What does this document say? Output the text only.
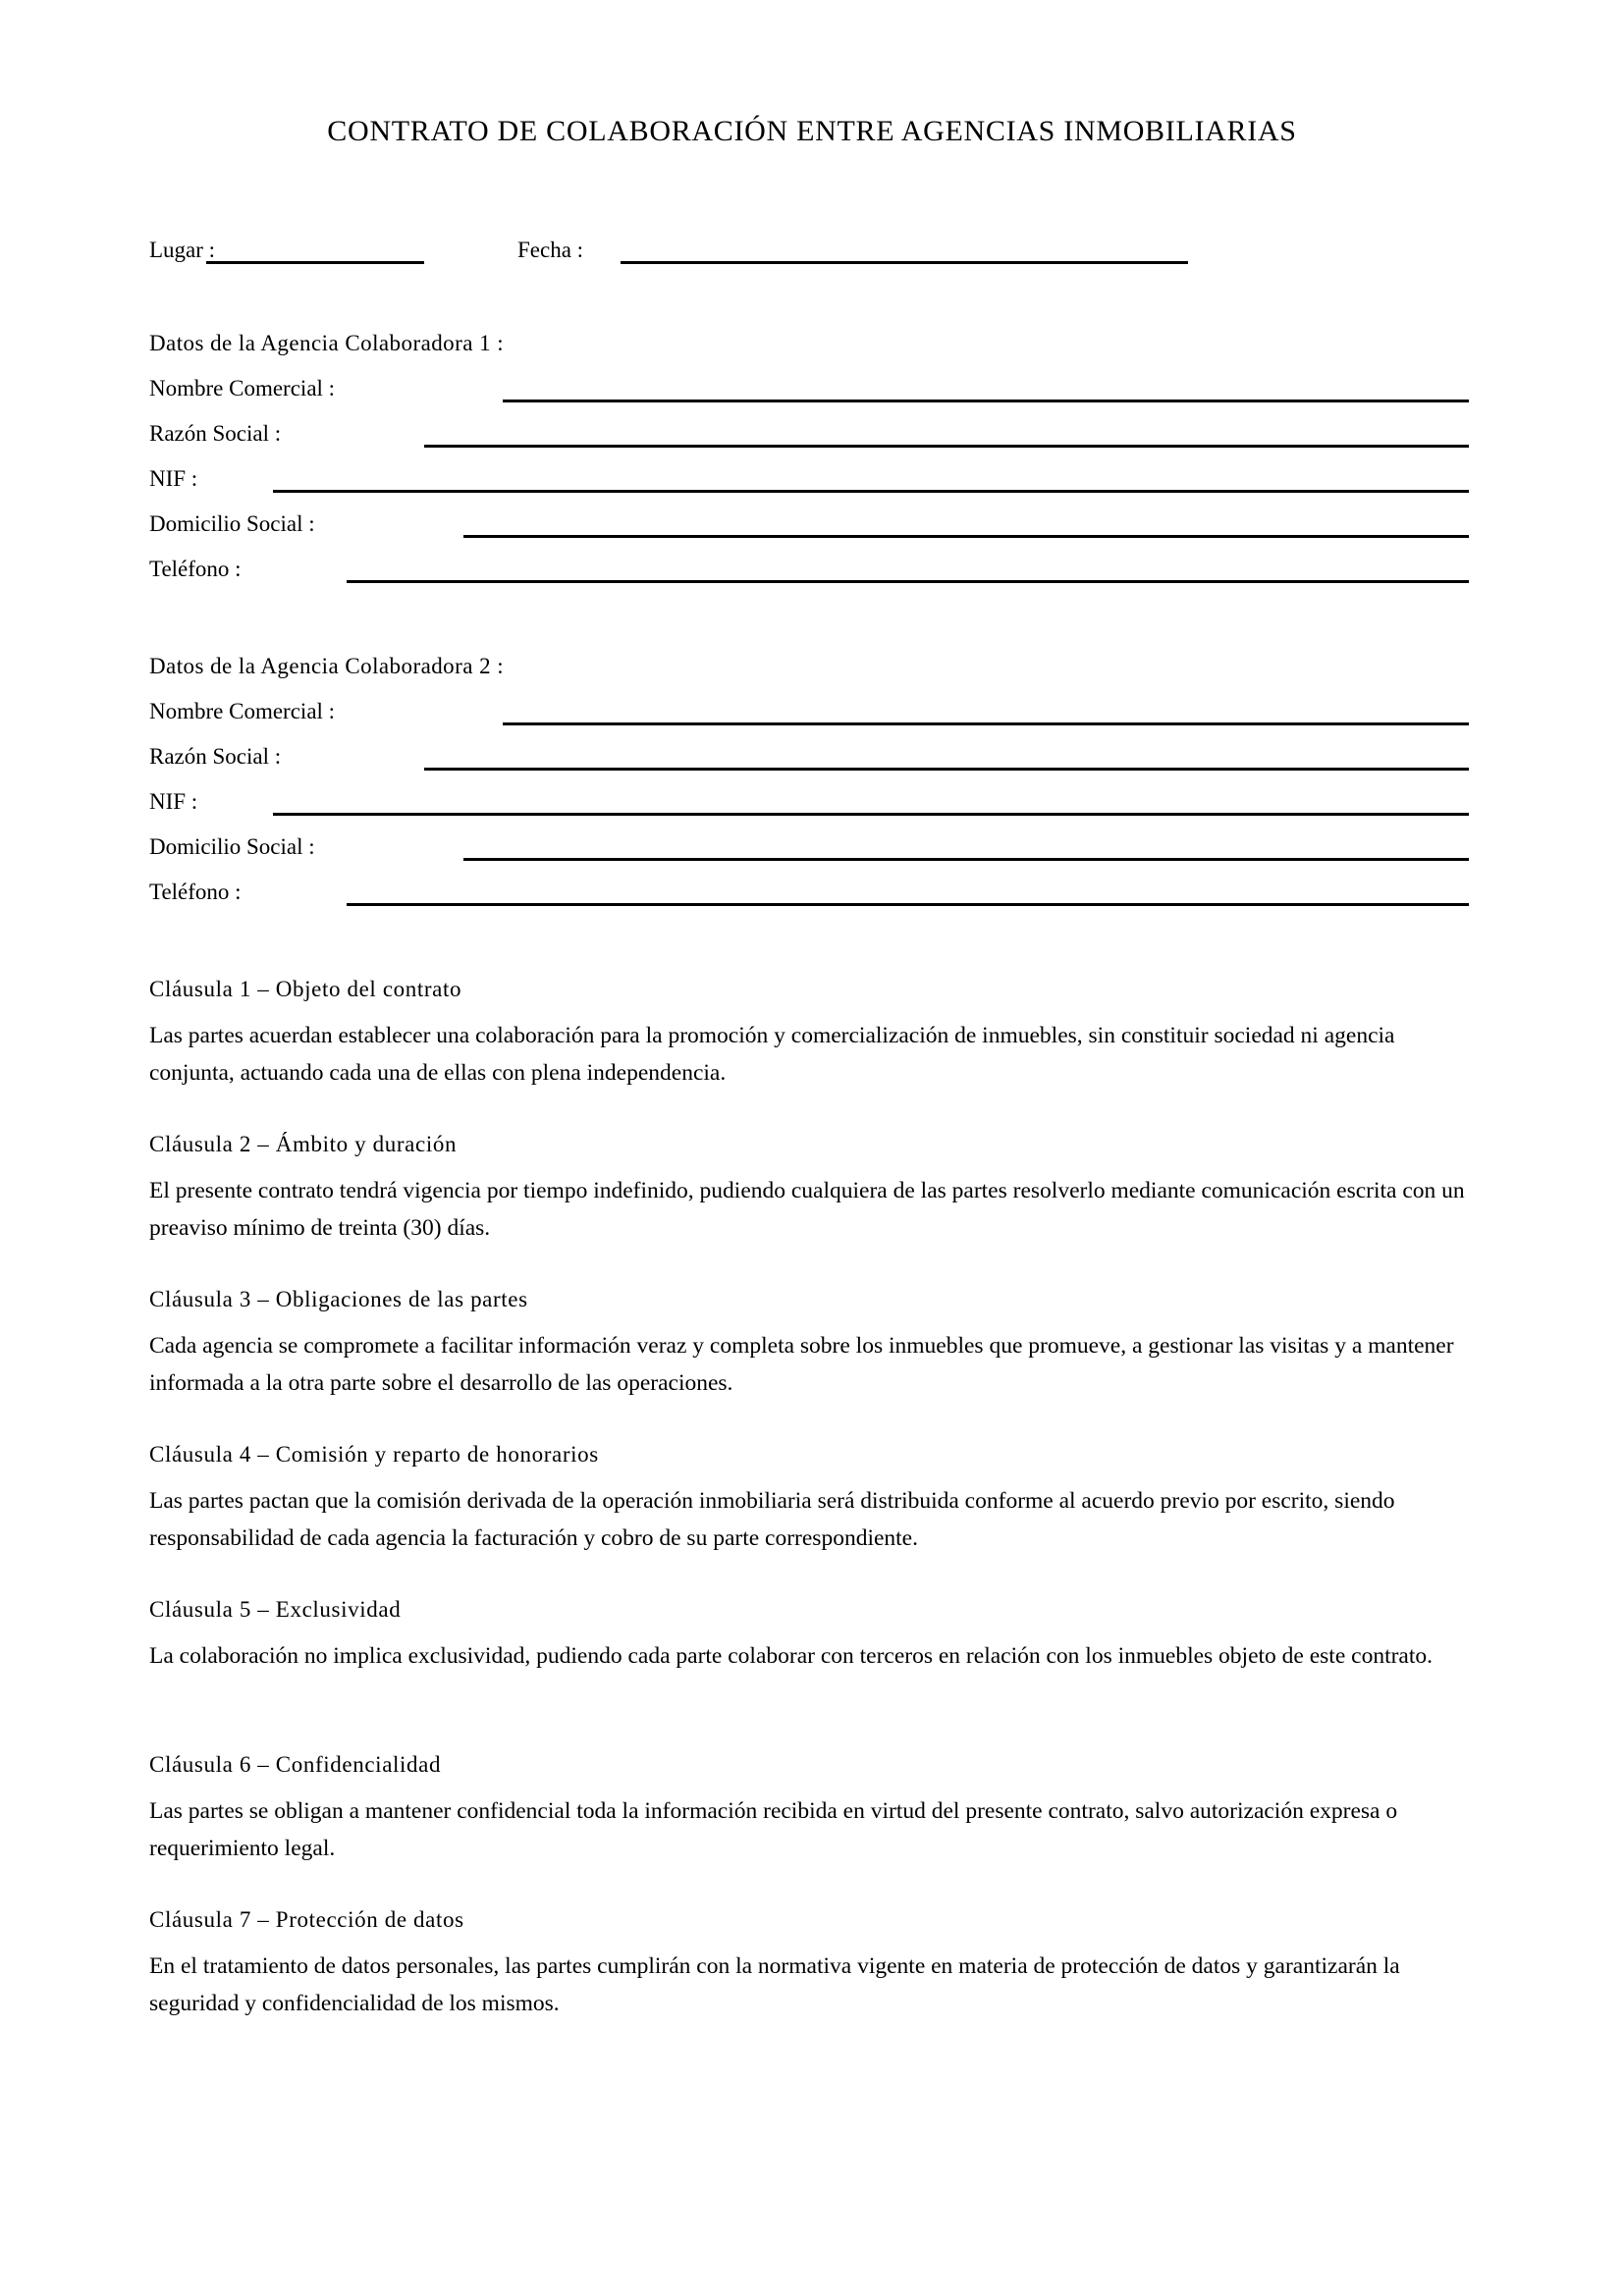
CONTRATO DE COLABORACIÓN ENTRE AGENCIAS INMOBILIARIAS
Lugar :	Fecha :
Datos de la Agencia Colaboradora 1 :
Nombre Comercial :
Razón Social :
NIF :
Domicilio Social :
Teléfono :
Datos de la Agencia Colaboradora 2 :
Nombre Comercial :
Razón Social :
NIF :
Domicilio Social :
Teléfono :
Cláusula 1 – Objeto del contrato
Las partes acuerdan establecer una colaboración para la promoción y comercialización de inmuebles, sin constituir sociedad ni agencia conjunta, actuando cada una de ellas con plena independencia.
Cláusula 2 – Ámbito y duración
El presente contrato tendrá vigencia por tiempo indefinido, pudiendo cualquiera de las partes resolverlo mediante comunicación escrita con un preaviso mínimo de treinta (30) días.
Cláusula 3 – Obligaciones de las partes
Cada agencia se compromete a facilitar información veraz y completa sobre los inmuebles que promueve, a gestionar las visitas y a mantener informada a la otra parte sobre el desarrollo de las operaciones.
Cláusula 4 – Comisión y reparto de honorarios
Las partes pactan que la comisión derivada de la operación inmobiliaria será distribuida conforme al acuerdo previo por escrito, siendo responsabilidad de cada agencia la facturación y cobro de su parte correspondiente.
Cláusula 5 – Exclusividad
La colaboración no implica exclusividad, pudiendo cada parte colaborar con terceros en relación con los inmuebles objeto de este contrato.
Cláusula 6 – Confidencialidad
Las partes se obligan a mantener confidencial toda la información recibida en virtud del presente contrato, salvo autorización expresa o requerimiento legal.
Cláusula 7 – Protección de datos
En el tratamiento de datos personales, las partes cumplirán con la normativa vigente en materia de protección de datos y garantizarán la seguridad y confidencialidad de los mismos.
